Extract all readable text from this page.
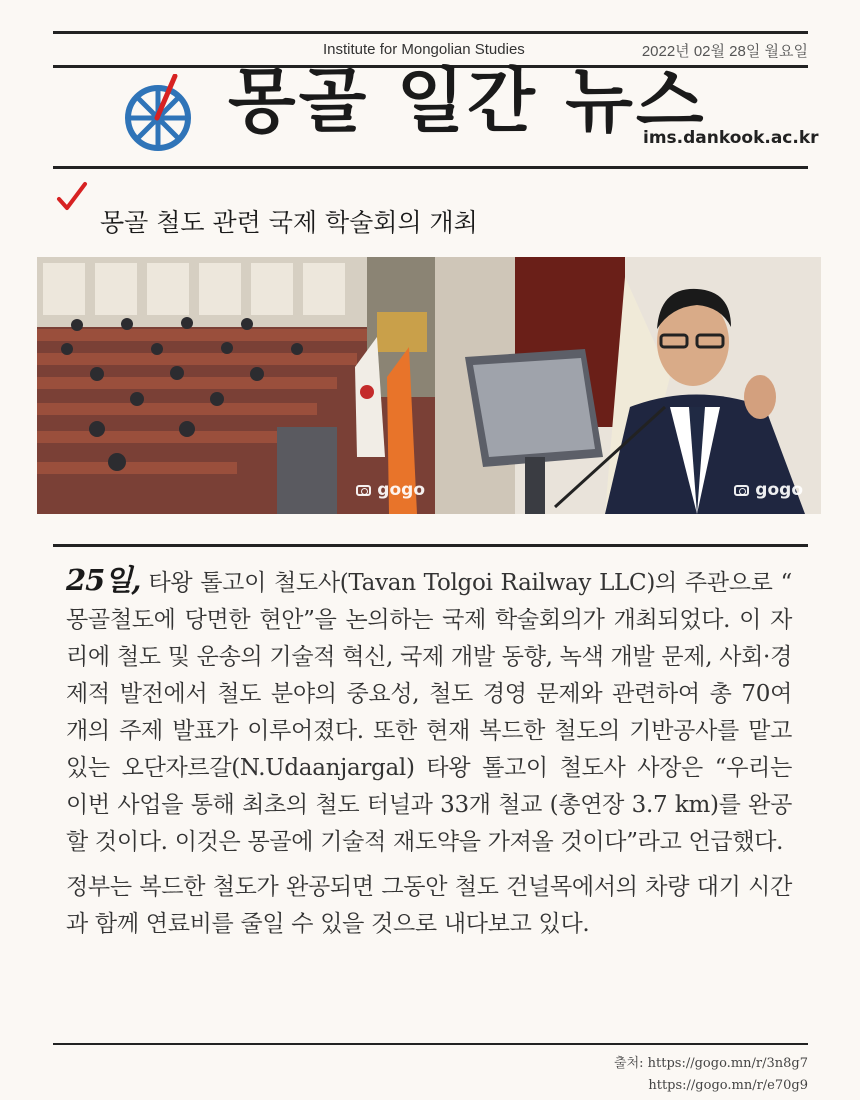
Institute for Mongolian Studies	2022년 02월 28일 월요일
몽골 일간 뉴스
ims.dankook.ac.kr
몽골 철도 관련 국제 학술회의 개최
gogo	gogo

25일, 타왕 톨고이 철도사(Tavan Tolgoi Railway LLC)의 주관으로 “ 몽골철도에 당면한 현안”을 논의하는 국제 학술회의가 개최되었다. 이 자리에 철도 및 운송의 기술적 혁신, 국제 개발 동향, 녹색 개발 문제, 사회·경제적 발전에서 철도 분야의 중요성, 철도 경영 문제와 관련하여 총 70여 개의 주제 발표가 이루어졌다. 또한 현재 복드한 철도의 기반공사를 맡고 있는 오단자르갈(N.Udaanjargal) 타왕 톨고이 철도사 사장은 “우리는 이번 사업을 통해 최초의 철도 터널과 33개 철교 (총연장 3.7 km)를 완공할 것이다. 이것은 몽골에 기술적 재도약을 가져올 것이다”라고 언급했다.

정부는 복드한 철도가 완공되면 그동안 철도 건널목에서의 차량 대기 시간과 함께 연료비를 줄일 수 있을 것으로 내다보고 있다.

출처: https://gogo.mn/r/3n8g7
https://gogo.mn/r/e70g9
